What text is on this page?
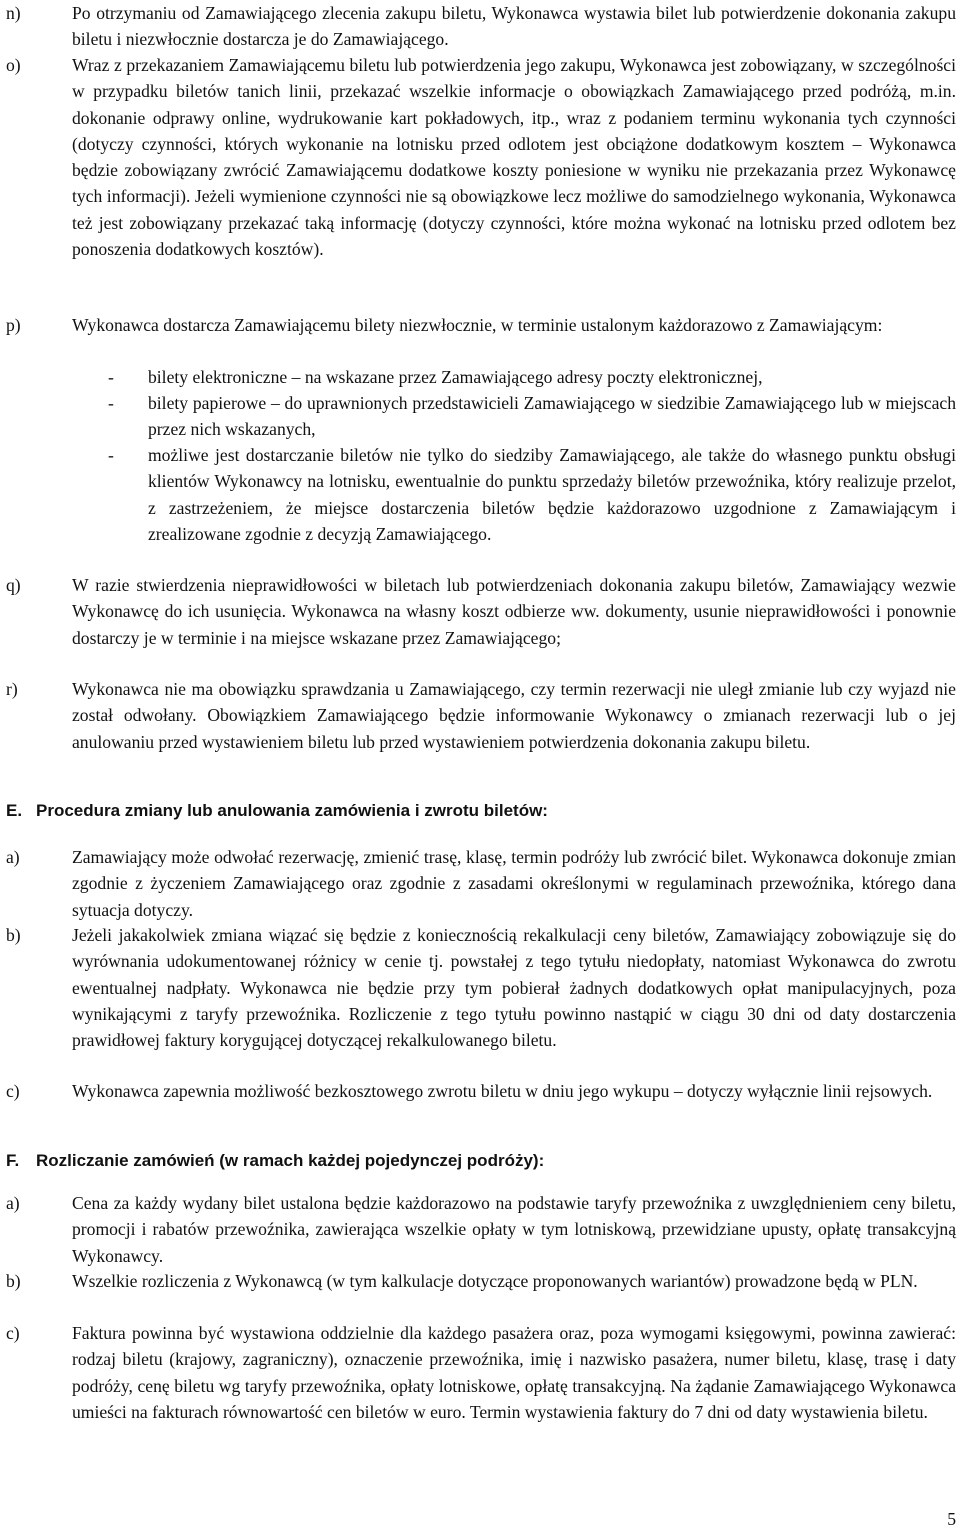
n)	Po otrzymaniu od Zamawiającego zlecenia zakupu biletu, Wykonawca wystawia bilet lub potwierdzenie dokonania zakupu biletu i niezwłocznie dostarcza je do Zamawiającego.
o)	Wraz z przekazaniem Zamawiającemu biletu lub potwierdzenia jego zakupu, Wykonawca jest zobowiązany, w szczególności w przypadku biletów tanich linii, przekazać wszelkie informacje o obowiązkach Zamawiającego przed podróżą, m.in. dokonanie odprawy online, wydrukowanie kart pokładowych, itp., wraz z podaniem terminu wykonania tych czynności (dotyczy czynności, których wykonanie na lotnisku przed odlotem jest obciążone dodatkowym kosztem – Wykonawca będzie zobowiązany zwrócić Zamawiającemu dodatkowe koszty poniesione w wyniku nie przekazania przez Wykonawcę tych informacji). Jeżeli wymienione czynności nie są obowiązkowe lecz możliwe do samodzielnego wykonania, Wykonawca też jest zobowiązany przekazać taką informację (dotyczy czynności, które można wykonać na lotnisku przed odlotem bez ponoszenia dodatkowych kosztów).
p)	Wykonawca dostarcza Zamawiającemu bilety niezwłocznie, w terminie ustalonym każdorazowo z Zamawiającym:
- bilety elektroniczne – na wskazane przez Zamawiającego adresy poczty elektronicznej,
- bilety papierowe – do uprawnionych przedstawicieli Zamawiającego w siedzibie Zamawiającego lub w miejscach przez nich wskazanych,
- możliwe jest dostarczanie biletów nie tylko do siedziby Zamawiającego, ale także do własnego punktu obsługi klientów Wykonawcy na lotnisku, ewentualnie do punktu sprzedaży biletów przewoźnika, który realizuje przelot, z zastrzeżeniem, że miejsce dostarczenia biletów będzie każdorazowo uzgodnione z Zamawiającym i zrealizowane zgodnie z decyzją Zamawiającego.
q)	W razie stwierdzenia nieprawidłowości w biletach lub potwierdzeniach dokonania zakupu biletów, Zamawiający wezwie Wykonawcę do ich usunięcia. Wykonawca na własny koszt odbierze ww. dokumenty, usunie nieprawidłowości i ponownie dostarczy je w terminie i na miejsce wskazane przez Zamawiającego;
r)	Wykonawca nie ma obowiązku sprawdzania u Zamawiającego, czy termin rezerwacji nie uległ zmianie lub czy wyjazd nie został odwołany. Obowiązkiem Zamawiającego będzie informowanie Wykonawcy o zmianach rezerwacji lub o jej anulowaniu przed wystawieniem biletu lub przed wystawieniem potwierdzenia dokonania zakupu biletu.
E. Procedura zmiany lub anulowania zamówienia i zwrotu biletów:
a)	Zamawiający może odwołać rezerwację, zmienić trasę, klasę, termin podróży lub zwrócić bilet. Wykonawca dokonuje zmian zgodnie z życzeniem Zamawiającego oraz zgodnie z zasadami określonymi w regulaminach przewoźnika, którego dana sytuacja dotyczy.
b)	Jeżeli jakakolwiek zmiana wiązać się będzie z koniecznością rekalkulacji ceny biletów, Zamawiający zobowiązuje się do wyrównania udokumentowanej różnicy w cenie tj. powstałej z tego tytułu niedopłaty, natomiast Wykonawca do zwrotu ewentualnej nadpłaty. Wykonawca nie będzie przy tym pobierał żadnych dodatkowych opłat manipulacyjnych, poza wynikającymi z taryfy przewoźnika. Rozliczenie z tego tytułu powinno nastąpić w ciągu 30 dni od daty dostarczenia prawidłowej faktury korygującej dotyczącej rekalkulowanego biletu.
c)	Wykonawca zapewnia możliwość bezkosztowego zwrotu biletu w dniu jego wykupu – dotyczy wyłącznie linii rejsowych.
F. Rozliczanie zamówień (w ramach każdej pojedynczej podróży):
a)	Cena za każdy wydany bilet ustalona będzie każdorazowo na podstawie taryfy przewoźnika z uwzględnieniem ceny biletu, promocji i rabatów przewoźnika, zawierająca wszelkie opłaty w tym lotniskową, przewidziane upusty, opłatę transakcyjną Wykonawcy.
b)	Wszelkie rozliczenia z Wykonawcą (w tym kalkulacje dotyczące proponowanych wariantów) prowadzone będą w PLN.
c)	Faktura powinna być wystawiona oddzielnie dla każdego pasażera oraz, poza wymogami księgowymi, powinna zawierać: rodzaj biletu (krajowy, zagraniczny), oznaczenie przewoźnika, imię i nazwisko pasażera, numer biletu, klasę, trasę i daty podróży, cenę biletu wg taryfy przewoźnika, opłaty lotniskowe, opłatę transakcyjną. Na żądanie Zamawiającego Wykonawca umieści na fakturach równowartość cen biletów w euro. Termin wystawienia faktury do 7 dni od daty wystawienia biletu.
5
